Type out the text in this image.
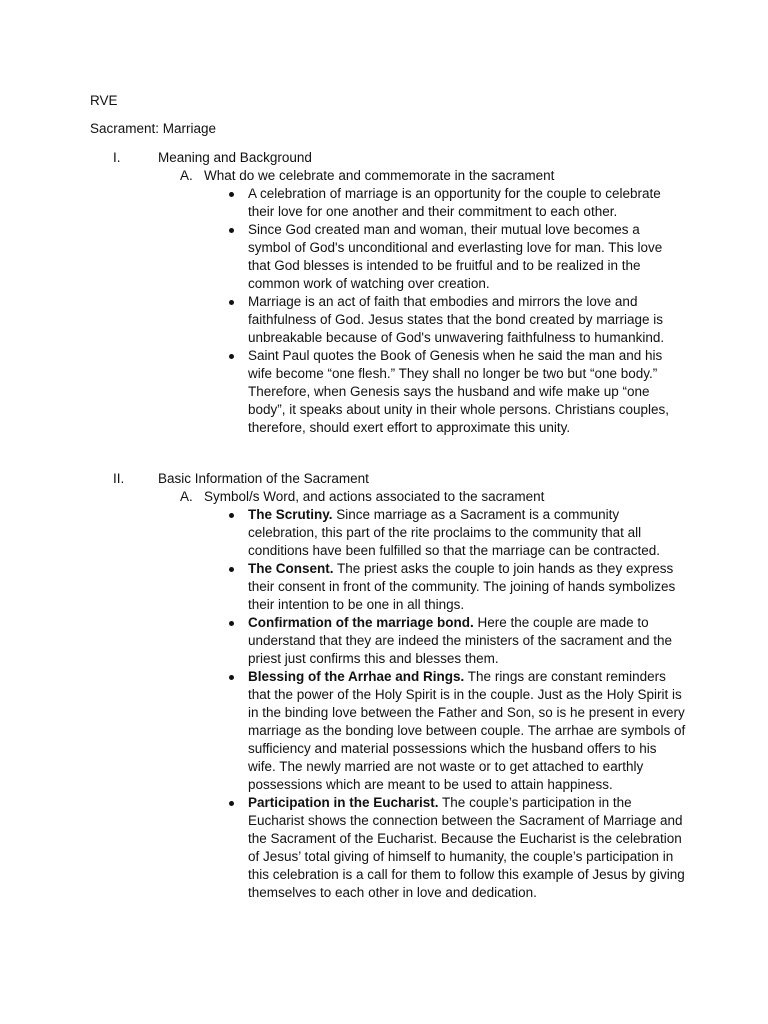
RVE
Sacrament: Marriage
I.	Meaning and Background
A. What do we celebrate and commemorate in the sacrament
A celebration of marriage is an opportunity for the couple to celebrate their love for one another and their commitment to each other.
Since God created man and woman, their mutual love becomes a symbol of God's unconditional and everlasting love for man. This love that God blesses is intended to be fruitful and to be realized in the common work of watching over creation.
Marriage is an act of faith that embodies and mirrors the love and faithfulness of God. Jesus states that the bond created by marriage is unbreakable because of God's unwavering faithfulness to humankind.
Saint Paul quotes the Book of Genesis when he said the man and his wife become “one flesh.” They shall no longer be two but “one body.” Therefore, when Genesis says the husband and wife make up “one body”, it speaks about unity in their whole persons. Christians couples, therefore, should exert effort to approximate this unity.
II. Basic Information of the Sacrament
A. Symbol/s Word, and actions associated to the sacrament
The Scrutiny. Since marriage as a Sacrament is a community celebration, this part of the rite proclaims to the community that all conditions have been fulfilled so that the marriage can be contracted.
The Consent. The priest asks the couple to join hands as they express their consent in front of the community. The joining of hands symbolizes their intention to be one in all things.
Confirmation of the marriage bond. Here the couple are made to understand that they are indeed the ministers of the sacrament and the priest just confirms this and blesses them.
Blessing of the Arrhae and Rings. The rings are constant reminders that the power of the Holy Spirit is in the couple. Just as the Holy Spirit is in the binding love between the Father and Son, so is he present in every marriage as the bonding love between couple. The arrhae are symbols of sufficiency and material possessions which the husband offers to his wife. The newly married are not waste or to get attached to earthly possessions which are meant to be used to attain happiness.
Participation in the Eucharist. The couple’s participation in the Eucharist shows the connection between the Sacrament of Marriage and the Sacrament of the Eucharist. Because the Eucharist is the celebration of Jesus’ total giving of himself to humanity, the couple’s participation in this celebration is a call for them to follow this example of Jesus by giving themselves to each other in love and dedication.
